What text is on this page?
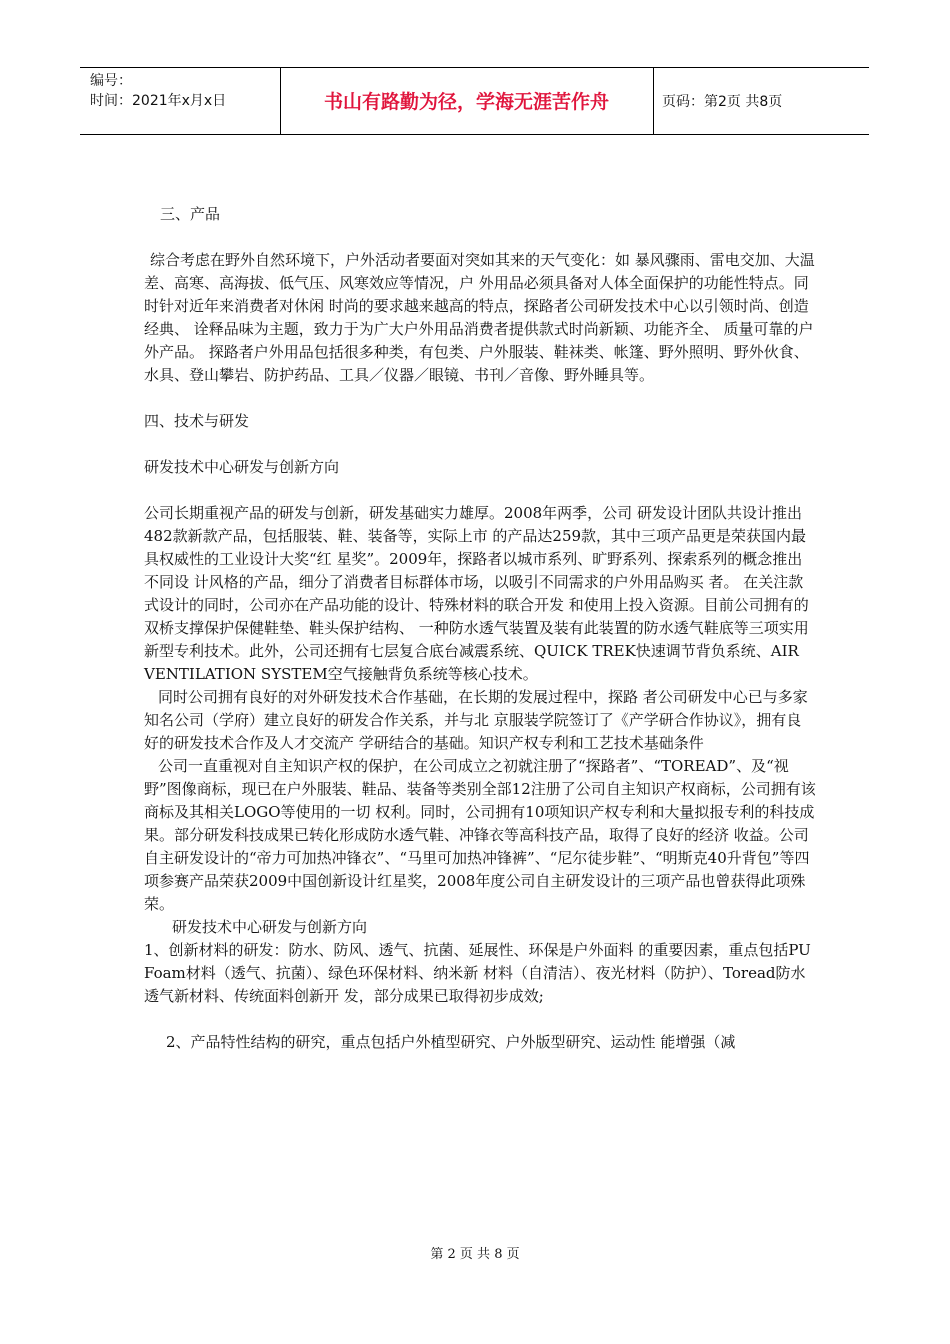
编号：
时间：2021年x月x日	书山有路勤为径，学海无涯苦作舟	页码：第2页 共8页

三、产品

综合考虑在野外自然环境下，户外活动者要面对突如其来的天气变化：如 暴风骤雨、雷电交加、大温差、高寒、高海拔、低气压、风寒效应等情况，户 外用品必须具备对人体全面保护的功能性特点。同时针对近年来消费者对休闲 时尚的要求越来越高的特点，探路者公司研发技术中心以引领时尚、创造经典、 诠释品味为主题，致力于为广大户外用品消费者提供款式时尚新颖、功能齐全、 质量可靠的户外产品。 探路者户外用品包括很多种类，有包类、户外服装、鞋袜类、帐篷、野外照明、野外伙食、水具、登山攀岩、防护药品、工具／仪器／眼镜、书刊／音像、野外睡具等。

四、技术与研发

研发技术中心研发与创新方向

公司长期重视产品的研发与创新，研发基础实力雄厚。2008年两季，公司 研发设计团队共设计推出482款新款产品，包括服装、鞋、装备等，实际上市 的产品达259款，其中三项产品更是荣获国内最具权威性的工业设计大奖“红 星奖”。2009年，探路者以城市系列、旷野系列、探索系列的概念推出不同设 计风格的产品，细分了消费者目标群体市场，以吸引不同需求的户外用品购买 者。 在关注款式设计的同时，公司亦在产品功能的设计、特殊材料的联合开发 和使用上投入资源。目前公司拥有的双桥支撑保护保健鞋垫、鞋头保护结构、 一种防水透气装置及装有此装置的防水透气鞋底等三项实用新型专利技术。此外，公司还拥有七层复合底台减震系统、QUICK TREK快速调节背负系统、AIR VENTILATION SYSTEM空气接触背负系统等核心技术。

同时公司拥有良好的对外研发技术合作基础，在长期的发展过程中，探路 者公司研发中心已与多家知名公司（学府）建立良好的研发合作关系，并与北 京服装学院签订了《产学研合作协议》，拥有良好的研发技术合作及人才交流产 学研结合的基础。知识产权专利和工艺技术基础条件

公司一直重视对自主知识产权的保护，在公司成立之初就注册了“探路者”、“TOREAD”、及“视野”图像商标，现已在户外服装、鞋品、装备等类别全部12注册了公司自主知识产权商标，公司拥有该商标及其相关LOGO等使用的一切 权利。同时，公司拥有10项知识产权专利和大量拟报专利的科技成果。部分研发科技成果已转化形成防水透气鞋、冲锋衣等高科技产品，取得了良好的经济 收益。公司自主研发设计的“帝力可加热冲锋衣”、“马里可加热冲锋裤”、“尼尔徒步鞋”、“明斯克40升背包”等四项参赛产品荣获2009中国创新设计红星奖，2008年度公司自主研发设计的三项产品也曾获得此项殊荣。

研发技术中心研发与创新方向

1、创新材料的研发：防水、防风、透气、抗菌、延展性、环保是户外面料 的重要因素，重点包括PU Foam材料（透气、抗菌）、绿色环保材料、纳米新 材料（自清洁）、夜光材料（防护）、Toread防水透气新材料、传统面料创新开 发，部分成果已取得初步成效;

2、产品特性结构的研究，重点包括户外植型研究、户外版型研究、运动性 能增强（减

第 2 页 共 8 页
